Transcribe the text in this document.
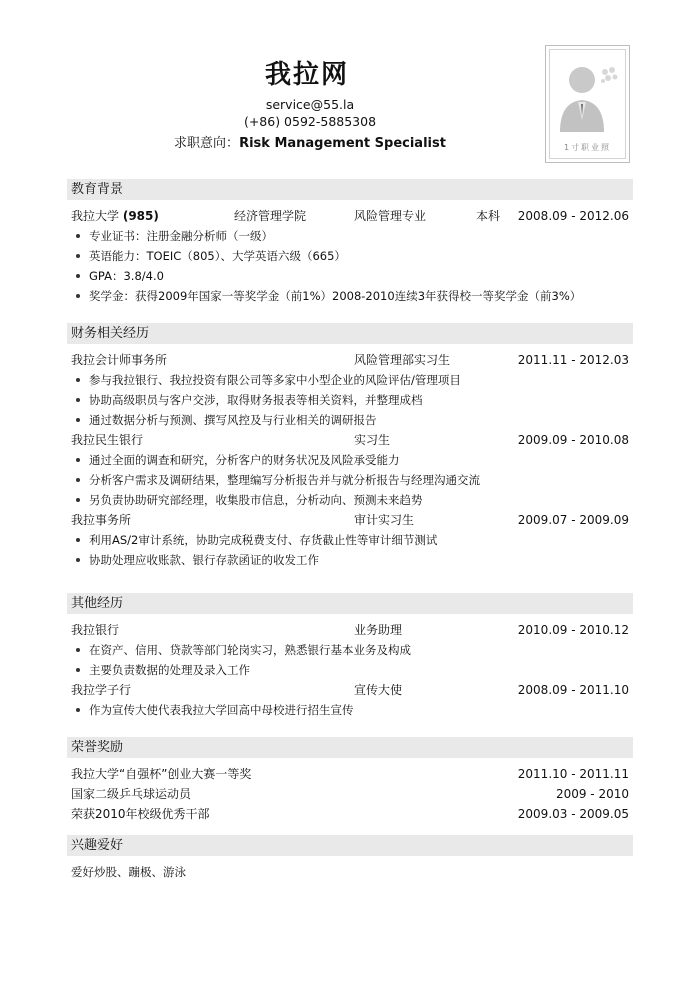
我拉网
service@55.la
(+86) 0592-5885308
求职意向：Risk Management Specialist	1寸职业照
教育背景
我拉大学 (985)	经济管理学院	风险管理专业	本科 2008.09 - 2012.06
专业证书：注册金融分析师（一级）
英语能力：TOEIC（805）、大学英语六级（665）
GPA：3.8/4.0
奖学金：获得2009年国家一等奖学金（前1%）2008-2010连续3年获得校一等奖学金（前3%）
财务相关经历
我拉会计师事务所	风险管理部实习生	2011.11 - 2012.03
参与我拉银行、我拉投资有限公司等多家中小型企业的风险评估/管理项目
协助高级职员与客户交涉，取得财务报表等相关资料，并整理成档
通过数据分析与预测、撰写风控及与行业相关的调研报告
我拉民生银行	实习生	2009.09 - 2010.08
通过全面的调查和研究，分析客户的财务状况及风险承受能力
分析客户需求及调研结果，整理编写分析报告并与就分析报告与经理沟通交流
另负责协助研究部经理，收集股市信息，分析动向、预测未来趋势
我拉事务所	审计实习生	2009.07 - 2009.09
利用AS/2审计系统，协助完成税费支付、存货截止性等审计细节测试
协助处理应收账款、银行存款函证的收发工作
其他经历
我拉银行	业务助理	2010.09 - 2010.12
在资产、信用、贷款等部门轮岗实习，熟悉银行基本业务及构成
主要负责数据的处理及录入工作
我拉学子行	宣传大使	2008.09 - 2011.10
作为宣传大使代表我拉大学回高中母校进行招生宣传
荣誉奖励
我拉大学“自强杯”创业大赛一等奖	2011.10 - 2011.11
国家二级乒乓球运动员	2009 - 2010
荣获2010年校级优秀干部	2009.03 - 2009.05
兴趣爱好
爱好炒股、蹦极、游泳
